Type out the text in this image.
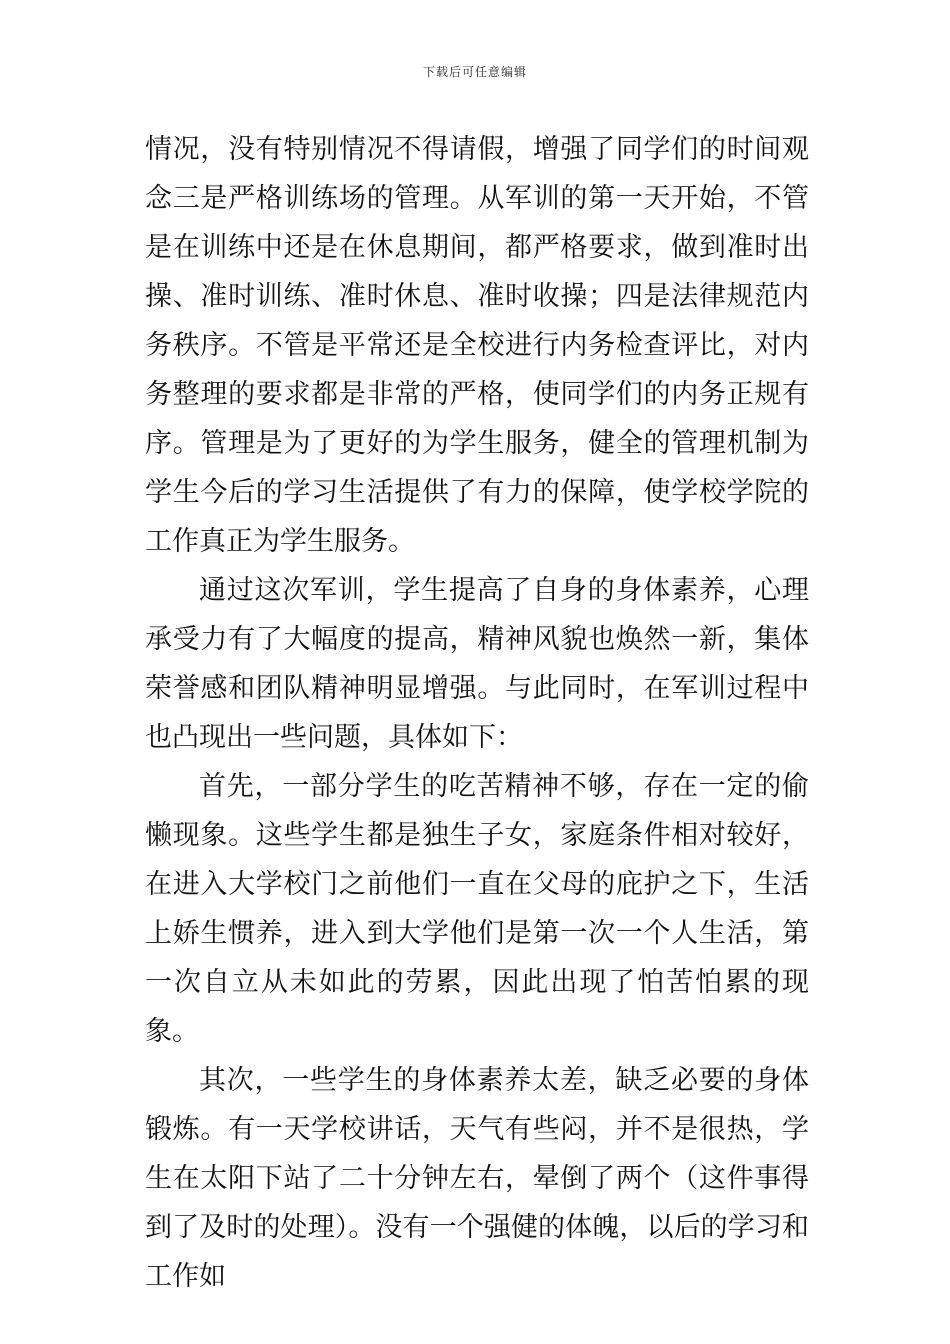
下载后可任意编辑

情况，没有特别情况不得请假，增强了同学们的时间观念三是严格训练场的管理。从军训的第一天开始，不管是在训练中还是在休息期间，都严格要求，做到准时出操、准时训练、准时休息、准时收操；四是法律规范内务秩序。不管是平常还是全校进行内务检查评比，对内务整理的要求都是非常的严格，使同学们的内务正规有序。管理是为了更好的为学生服务，健全的管理机制为学生今后的学习生活提供了有力的保障，使学校学院的工作真正为学生服务。

通过这次军训，学生提高了自身的身体素养，心理承受力有了大幅度的提高，精神风貌也焕然一新，集体荣誉感和团队精神明显增强。与此同时，在军训过程中也凸现出一些问题，具体如下：

首先，一部分学生的吃苦精神不够，存在一定的偷懒现象。这些学生都是独生子女，家庭条件相对较好，在进入大学校门之前他们一直在父母的庇护之下，生活上娇生惯养，进入到大学他们是第一次一个人生活，第一次自立从未如此的劳累，因此出现了怕苦怕累的现象。

其次，一些学生的身体素养太差，缺乏必要的身体锻炼。有一天学校讲话，天气有些闷，并不是很热，学生在太阳下站了二十分钟左右，晕倒了两个（这件事得到了及时的处理）。没有一个强健的体魄，以后的学习和工作如
